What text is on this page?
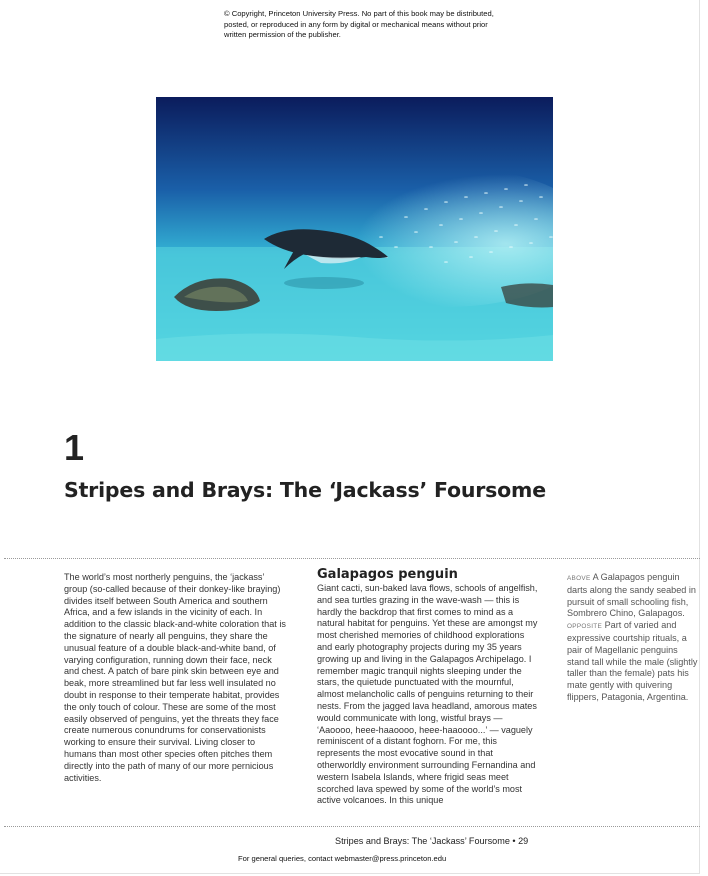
© Copyright, Princeton University Press. No part of this book may be distributed, posted, or reproduced in any form by digital or mechanical means without prior written permission of the publisher.
1
Stripes and Brays: The ‘Jackass’ Foursome
The world’s most northerly penguins, the ‘jackass’ group (so-called because of their donkey-like braying) divides itself between South America and southern Africa, and a few islands in the vicinity of each. In addition to the classic black-and-white coloration that is the signature of nearly all penguins, they share the unusual feature of a double black-and-white band, of varying configuration, running down their face, neck and chest. A patch of bare pink skin between eye and beak, more streamlined but far less well insulated no doubt in response to their temperate habitat, provides the only touch of colour. These are some of the most easily observed of penguins, yet the threats they face create numerous conundrums for conservationists working to ensure their survival. Living closer to humans than most other species often pitches them directly into the path of many of our more pernicious activities.
Galapagos penguin
Giant cacti, sun-baked lava flows, schools of angelfish, and sea turtles grazing in the wave-wash — this is hardly the backdrop that first comes to mind as a natural habitat for penguins. Yet these are amongst my most cherished memories of childhood explorations and early photography projects during my 35 years growing up and living in the Galapagos Archipelago. I remember magic tranquil nights sleeping under the stars, the quietude punctuated with the mournful, almost melancholic calls of penguins returning to their nests. From the jagged lava headland, amorous mates would communicate with long, wistful brays — ‘Aaoooo, heee-haaoooo, heee-haaoooo...’ — vaguely reminiscent of a distant foghorn. For me, this represents the most evocative sound in that otherworldly environment surrounding Fernandina and western Isabela Islands, where frigid seas meet scorched lava spewed by some of the world’s most active volcanoes. In this unique
ABOVE A Galapagos penguin darts along the sandy seabed in pursuit of small schooling fish, Sombrero Chino, Galapagos.
OPPOSITE Part of varied and expressive courtship rituals, a pair of Magellanic penguins stand tall while the male (slightly taller than the female) pats his mate gently with quivering flippers, Patagonia, Argentina.
Stripes and Brays: The ‘Jackass’ Foursome • 29
For general queries, contact webmaster@press.princeton.edu
